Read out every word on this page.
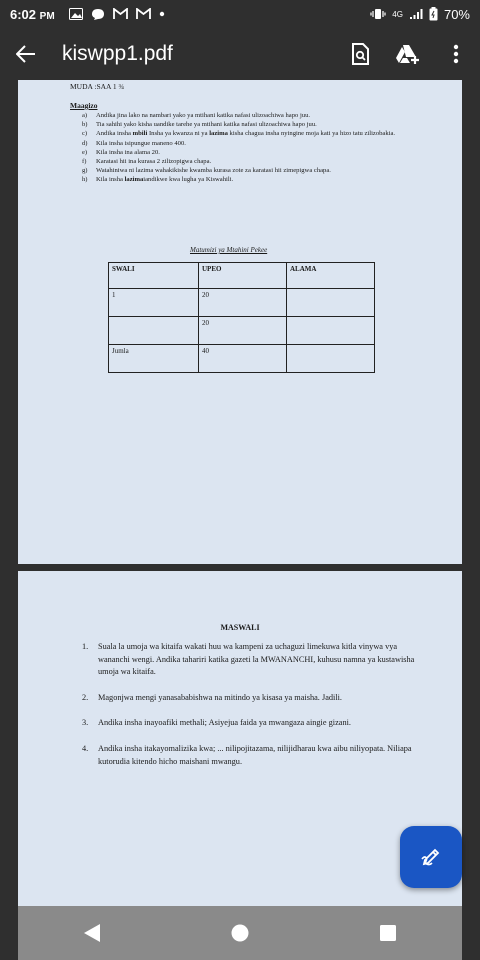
6:02 PM	4G	70%
kiswpp1.pdf
MUDA :SAA 1 ¾
Maagizo
a) Andika jina lako na nambari yako ya mtihani katika nafasi ulizoachiwa hapo juu.
b) Tia sahihi yako kisha uandike tarehe ya mtihani katika nafasi ulizoachiwa hapo juu.
c) Andika insha mbili Insha ya kwanza ni ya lazima kisha chagua insha nyingine moja kati ya hizo tatu zilizobakia.
d) Kila insha isipungue maneno 400.
e) Kila insha ina alama 20.
f) Karatasi hii ina kurasa 2 zilizopigwa chapa.
g) Watahiniwa ni lazima wahakikishe kwamba kurasa zote za karatasi hii zimepigwa chapa.
h) Kila insha lazimaiandikwe kwa lugha ya Kiswahili.
Matumizi ya Mtahini Pekee
SWALI	UPEO	ALAMA
1	20	
	20	
Jumla	40	
MASWALI
1. Suala la umoja wa kitaifa wakati huu wa kampeni za uchaguzi limekuwa kitla vinywa vya wananchi wengi. Andika tahariri katika gazeti la MWANANCHI, kuhusu namna ya kustawisha umoja wa kitaifa.
2. Magonjwa mengi yanasababishwa na mitindo ya kisasa ya maisha. Jadili.
3. Andika insha inayoafiki methali; Asiyejua faida ya mwangaza aingie gizani.
4. Andika insha itakayomalizika kwa; ... nilipojitazama, nilijidharau kwa aibu niliyopata. Niliapa kutorudia kitendo hicho maishani mwangu.
